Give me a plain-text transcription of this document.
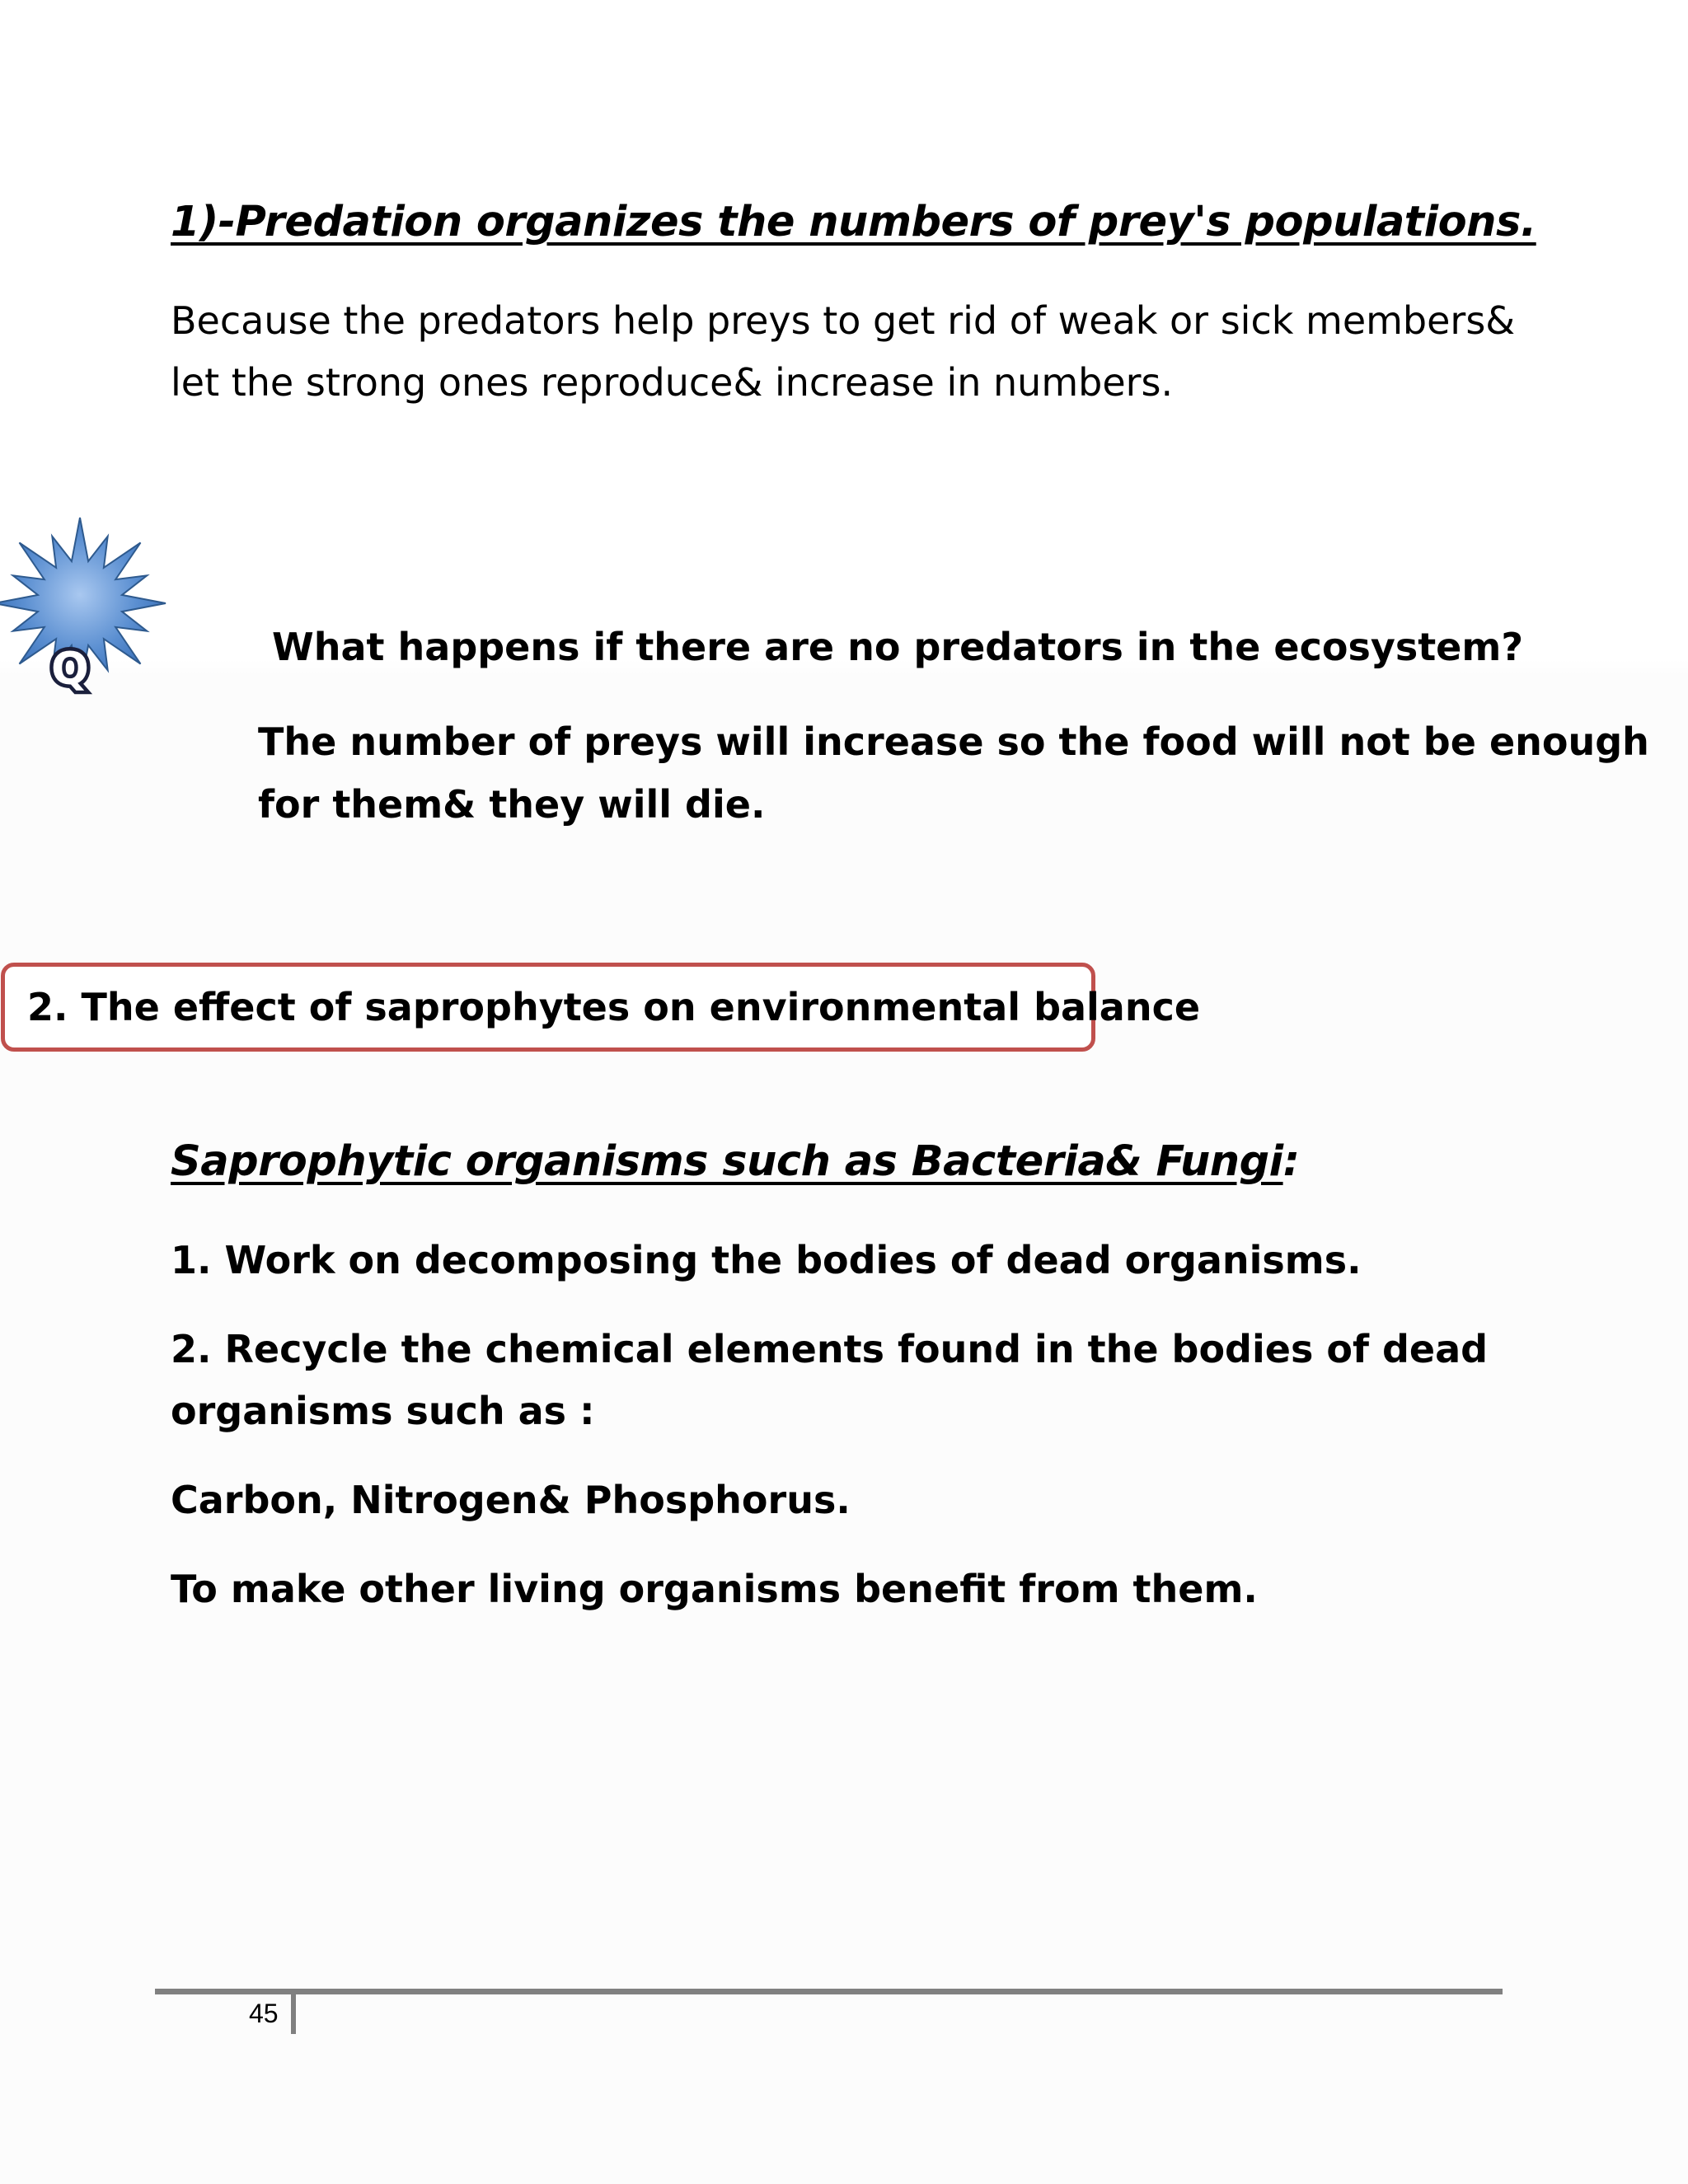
1)-Predation organizes the numbers of prey's populations.
Because the predators help preys to get rid of weak or sick members&
let the strong ones reproduce& increase in numbers.
Q	What happens if there are no predators in the ecosystem?
The number of preys will increase so the food will not be enough
for them& they will die.
2. The effect of saprophytes on environmental balance
Saprophytic organisms such as Bacteria& Fungi:
1. Work on decomposing the bodies of dead organisms.
2. Recycle the chemical elements found in the bodies of dead
organisms such as :
Carbon, Nitrogen& Phosphorus.
To make other living organisms benefit from them.
45
